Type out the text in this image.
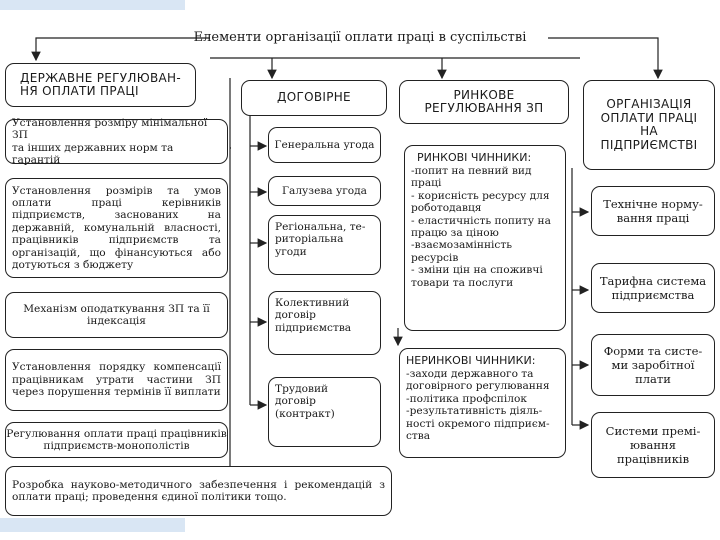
Елементи організації оплати праці в суспільстві
ДЕРЖАВНЕ РЕГУЛЮВАН-
НЯ ОПЛАТИ ПРАЦІ	ДОГОВІРНЕ	РИНКОВЕ
РЕГУЛЮВАННЯ ЗП	ОРГАНІЗАЦІЯ
ОПЛАТИ ПРАЦІ
НА
ПІДПРИЄМСТВІ
Установлення розміру мінімальної ЗП
та інших державних норм та гарантій
Установлення розмірів та умов оплати праці керівників підприємств, заснованих на державній, комунальній власності, працівників підприємств та організацій, що фінансуються або дотуються з бюджету
Механізм оподаткування ЗП та її
індексація
Установлення порядку компенсації працівникам утрати частини ЗП через порушення термінів її виплати
Регулювання оплати праці працівників
підприємств-монополістів
Розробка науково-методичного забезпечення і рекомендацій з оплати праці; проведення єдиної політики тощо.
Генеральна угода
Галузева угода
Регіональна, те-
риторіальна
угоди
Колективний
договір
підприємства
Трудовий
договір
(контракт)
РИНКОВІ ЧИННИКИ:
-попит на певний вид
праці
- корисність ресурсу для
роботодавця
- еластичність попиту на
працю за ціною
-взаємозамінність
ресурсів
- зміни цін на споживчі
товари та послуги
НЕРИНКОВІ ЧИННИКИ:
-заходи державного та
договірного регулювання
-політика профспілок
-результативність діяль-
ності окремого підприєм-
ства
Технічне норму-
вання праці
Тарифна система
підприємства
Форми та систе-
ми заробітної
плати
Системи премі-
ювання
працівників
